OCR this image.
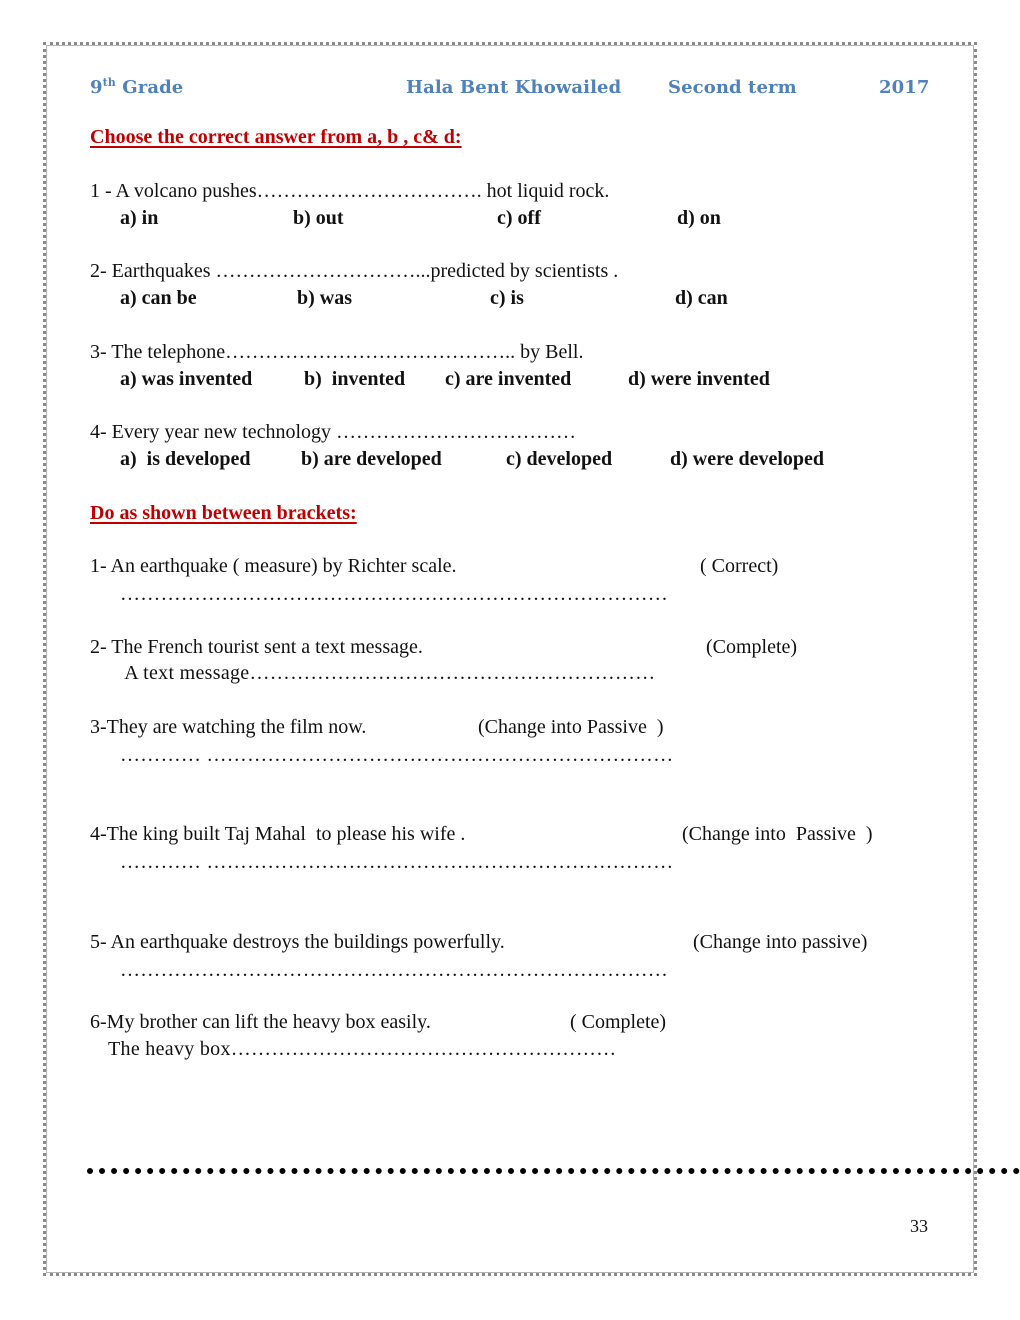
9th Grade	Hala Bent Khowailed	Second term	2017
Choose the correct answer from a, b , c& d:
1 - A volcano pushes……………………………. hot liquid rock.
a) in	b) out	c) off	d) on
2- Earthquakes …………………………...predicted by scientists .
a) can be	b) was	c) is	d) can
3- The telephone…………………………………….. by Bell.
a) was invented	b)  invented c) are invented	d) were invented
4- Every year new technology ………………………………
a)  is developed	b) are developed	c) developed	d) were developed
Do as shown between brackets:
1- An earthquake ( measure) by Richter scale.	( Correct)
………………………………………………………………………
2- The French tourist sent a text message.	(Complete)
A text message……………………………………………………
3-They are watching the film now.	(Change into Passive  )
………… ……………………………………………………………
4-The king built Taj Mahal  to please his wife .	(Change into  Passive  )
………… ……………………………………………………………
5- An earthquake destroys the buildings powerfully.	(Change into passive)
………………………………………………………………………
6-My brother can lift the heavy box easily.	( Complete)
The heavy box…………………………………………………
33
